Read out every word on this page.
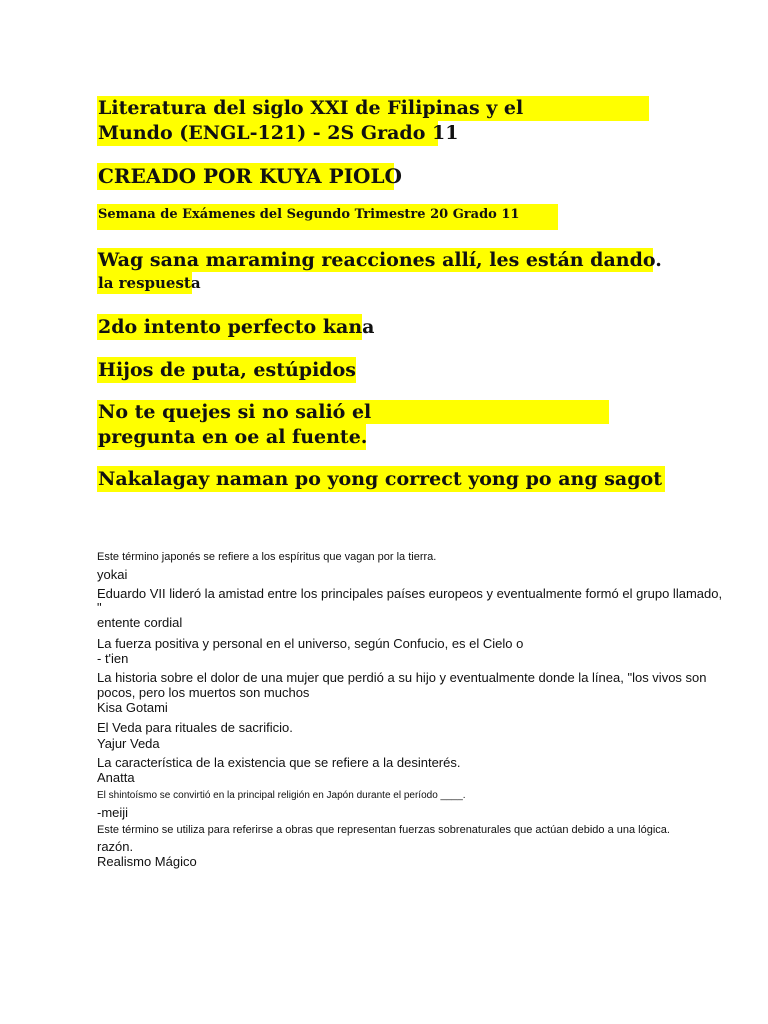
Literatura del siglo XXI de Filipinas y el
Mundo (ENGL-121) - 2S Grado 11
CREADO POR KUYA PIOLO
Semana de Exámenes del Segundo Trimestre 20 Grado 11
Wag sana maraming reacciones allí, les están dando.
la respuesta
2do intento perfecto kana
Hijos de puta, estúpidos
No te quejes si no salió el
pregunta en oe al fuente.
Nakalagay naman po yong correct yong po ang sagot
Este término japonés se refiere a los espíritus que vagan por la tierra.
yokai
Eduardo VII lideró la amistad entre los principales países europeos y eventualmente formó el grupo llamado,
"
entente cordial
La fuerza positiva y personal en el universo, según Confucio, es el Cielo o
- t'ien
La historia sobre el dolor de una mujer que perdió a su hijo y eventualmente donde la línea, "los vivos son
pocos, pero los muertos son muchos
Kisa Gotami
El Veda para rituales de sacrificio.
Yajur Veda
La característica de la existencia que se refiere a la desinterés.
Anatta
El shintoísmo se convirtió en la principal religión en Japón durante el período ____.
-meiji
Este término se utiliza para referirse a obras que representan fuerzas sobrenaturales que actúan debido a una lógica.
razón.
Realismo Mágico
